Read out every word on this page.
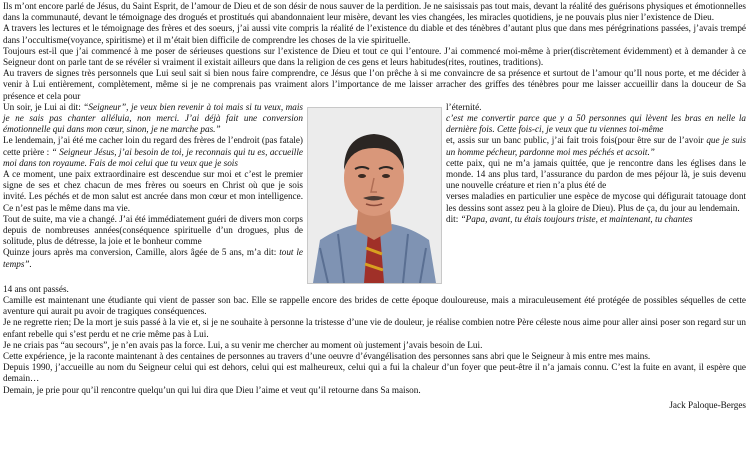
Ils m’ont encore parlé de Jésus, du Saint Esprit, de l’amour de Dieu et de son désir de nous sauver de la perdition. Je ne saisissais pas tout mais, devant la réalité des guérisons physiques et émotionnelles dans la communauté, devant le témoignage des drogués et prostitués qui abandonnaient leur misère, devant les vies changées, les miracles quotidiens, je ne pouvais plus nier l’existence de Dieu.

A travers les lectures et le témoignage des frères et des soeurs, j’ai aussi vite compris la réalité de l’existence du diable et des ténèbres d’autant plus que dans mes pérégrinations passées, j’avais trempé dans l’occultisme(voyance, spiritisme) et il m’était bien difficile de comprendre les choses de la vie spirituelle.

Toujours est-il que j’ai commencé à me poser de sérieuses questions sur l’existence de Dieu et tout ce qui l’entoure. J’ai commencé moi-même à prier(discrètement évidemment) et à demander à ce Seigneur dont on parle tant de se révéler si vraiment il existait ailleurs que dans la religion de ces gens et leurs habitudes(rites, routines, traditions).

Au travers de signes très personnels que Lui seul sait si bien nous faire comprendre, ce Jésus que l’on prêche à si me convaincre de sa présence et surtout de l’amour qu’Il nous porte, et me décider à venir à Lui entièrement, complètement, même si je ne comprenais pas vraiment alors l’importance de me laisser arracher des griffes des ténèbres pour me laisser accueillir dans la douceur de Sa présence et cela pour

Un soir, je Lui ai dit: “Seigneur”, je veux bien revenir à toi mais si tu veux, mais je ne sais pas chanter alléluia, non merci. J’ai déjà fait une conversion émotionnelle qui dans mon cœur, sinon, je ne marche pas.”

Le lendemain, j’ai été me cacher loin du regard des frères de l’endroit (pas fatale) cette prière : “ Seigneur Jésus, j’ai besoin de toi, je reconnais qui tu es, accueille moi dans ton royaume. Fais de moi celui que tu veux que je sois

A ce moment, une paix extraordinaire est descendue sur moi et c’est le premier signe de ses et chez chacun de mes frères ou soeurs en Christ où que je sois invité. Les péchés et de mon salut est ancrée dans mon cœur et mon intelligence. Ce n’est pas le même dans ma vie.

Tout de suite, ma vie a changé. J’ai été immédiatement guéri de divers mon corps depuis de nombreuses années(conséquence spirituelle d’un drogues, plus de solitude, plus de détresse, la joie et le bonheur comme

Quinze jours après ma conversion, Camille, alors âgée de 5 ans, m’a dit: tout le temps”.

l’éternité.

c’est me convertir parce que y a 50 personnes qui lèvent les bras en nelle la dernière fois. Cette fois-ci, je veux que tu viennes toi-même

et, assis sur un banc public, j’ai fait trois fois(pour être sur de l’avoir que je suis un homme pécheur, pardonne moi mes péchés et acsoit.”

cette paix, qui ne m’a jamais quittée, que je rencontre dans les églises dans le monde. 14 ans plus tard, l’assurance du pardon de mes péjour là, je suis devenu une nouvelle créature et rien n’a plus été de

verses maladies en particulier une espèce de mycose qui défigurait tatouage dont les dessins sont assez peu à la gloire de Dieu). Plus de ça, du jour au lendemain.

dit: “Papa, avant, tu étais toujours triste, et maintenant, tu chantes

14 ans ont passés.

Camille est maintenant une étudiante qui vient de passer son bac. Elle se rappelle encore des brides de cette époque douloureuse, mais a miraculeusement été protégée de possibles séquelles de cette aventure qui aurait pu avoir de tragiques conséquences.

Je ne regrette rien; De la mort je suis passé à la vie et, si je ne souhaite à personne la tristesse d’une vie de douleur, je réalise combien notre Père céleste nous aime pour aller ainsi poser son regard sur un enfant rebelle qui s’est perdu et ne crie même pas à Lui.

Je ne criais pas “au secours”, je n’en avais pas la force. Lui, a su venir me chercher au moment où justement j’avais besoin de Lui.

Cette expérience, je la raconte maintenant à des centaines de personnes au travers d’une oeuvre d’évangélisation des personnes sans abri que le Seigneur à mis entre mes mains.

Depuis 1990, j’accueille au nom du Seigneur celui qui est dehors, celui qui est malheureux, celui qui a fui la chaleur d’un foyer que peut-être il n’a jamais connu. C’est la fuite en avant, il espère que demain…

Demain, je prie pour qu’il rencontre quelqu’un qui lui dira que Dieu l’aime et veut qu’il retourne dans Sa maison.

Jack Paloque-Berges
